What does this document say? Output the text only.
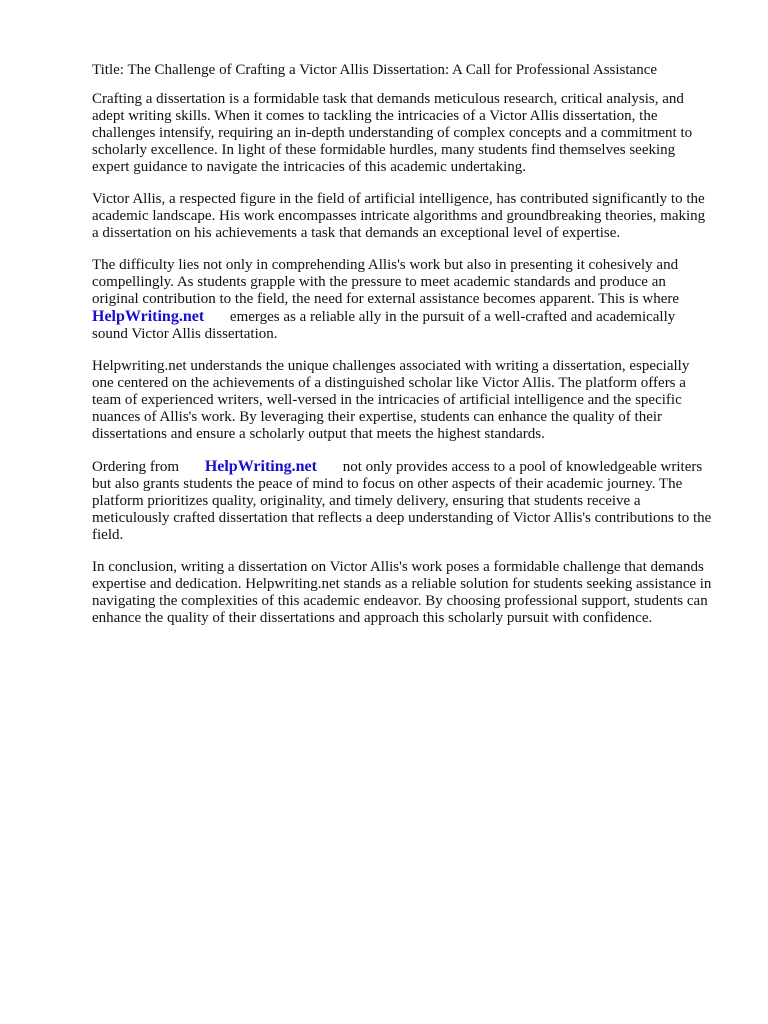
Title: The Challenge of Crafting a Victor Allis Dissertation: A Call for Professional Assistance

Crafting a dissertation is a formidable task that demands meticulous research, critical analysis, and adept writing skills. When it comes to tackling the intricacies of a Victor Allis dissertation, the challenges intensify, requiring an in-depth understanding of complex concepts and a commitment to scholarly excellence. In light of these formidable hurdles, many students find themselves seeking expert guidance to navigate the intricacies of this academic undertaking.

Victor Allis, a respected figure in the field of artificial intelligence, has contributed significantly to the academic landscape. His work encompasses intricate algorithms and groundbreaking theories, making a dissertation on his achievements a task that demands an exceptional level of expertise.

The difficulty lies not only in comprehending Allis's work but also in presenting it cohesively and compellingly. As students grapple with the pressure to meet academic standards and produce an original contribution to the field, the need for external assistance becomes apparent. This is where
HelpWriting.net emerges as a reliable ally in the pursuit of a well-crafted and academically sound Victor Allis dissertation.

Helpwriting.net understands the unique challenges associated with writing a dissertation, especially one centered on the achievements of a distinguished scholar like Victor Allis. The platform offers a team of experienced writers, well-versed in the intricacies of artificial intelligence and the specific nuances of Allis's work. By leveraging their expertise, students can enhance the quality of their dissertations and ensure a scholarly output that meets the highest standards.

Ordering from HelpWriting.net not only provides access to a pool of knowledgeable writers but also grants students the peace of mind to focus on other aspects of their academic journey. The platform prioritizes quality, originality, and timely delivery, ensuring that students receive a meticulously crafted dissertation that reflects a deep understanding of Victor Allis's contributions to the field.

In conclusion, writing a dissertation on Victor Allis's work poses a formidable challenge that demands expertise and dedication. Helpwriting.net stands as a reliable solution for students seeking assistance in navigating the complexities of this academic endeavor. By choosing professional support, students can enhance the quality of their dissertations and approach this scholarly pursuit with confidence.
